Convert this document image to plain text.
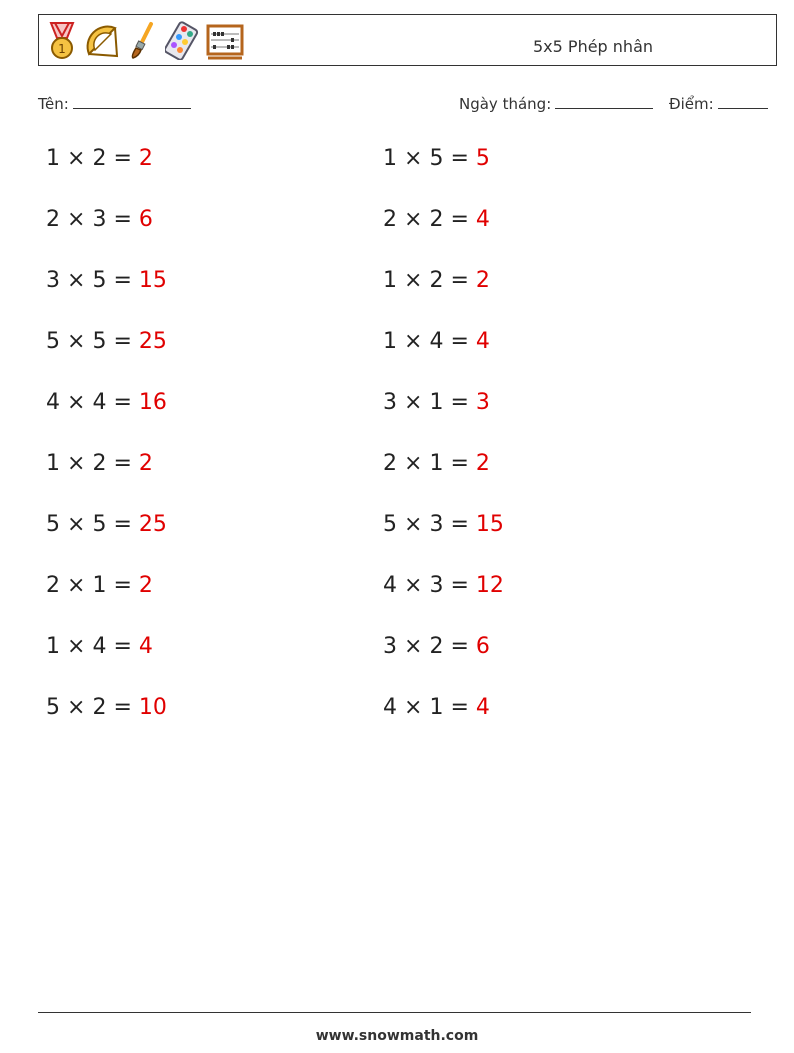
1	5x5 Phép nhân
Tên:	Ngày tháng:	Điểm:
1 × 2 = 2
2 × 3 = 6
3 × 5 = 15
5 × 5 = 25
4 × 4 = 16
1 × 2 = 2
5 × 5 = 25
2 × 1 = 2
1 × 4 = 4
5 × 2 = 10
1 × 5 = 5
2 × 2 = 4
1 × 2 = 2
1 × 4 = 4
3 × 1 = 3
2 × 1 = 2
5 × 3 = 15
4 × 3 = 12
3 × 2 = 6
4 × 1 = 4
www.snowmath.com
